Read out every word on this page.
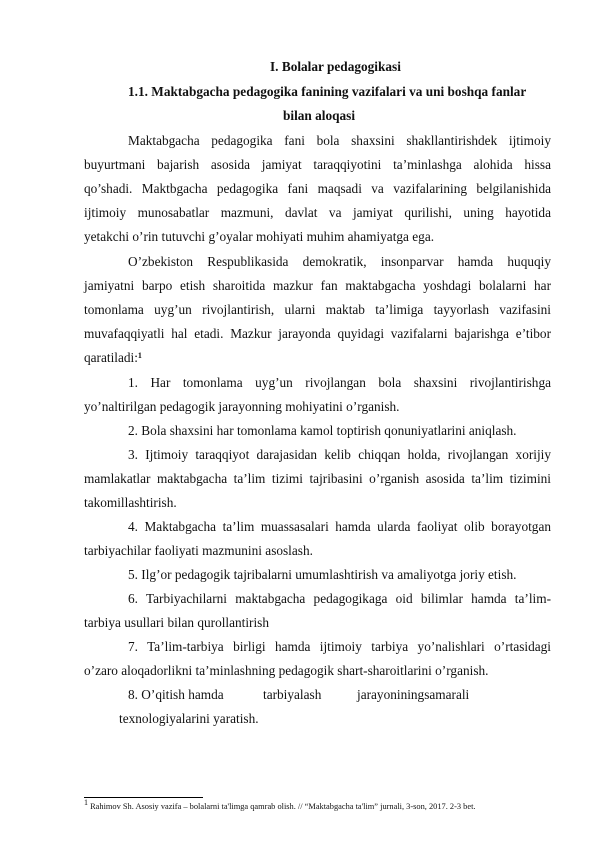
I. Bolalar pedagogikasi
1.1. Maktabgacha pedagogika fanining vazifalari va uni boshqa fanlar
bilan aloqasi
Maktabgacha pedagogika fani bola shaxsini shakllantirishdek ijtimoiy
buyurtmani bajarish asosida jamiyat taraqqiyotini ta’minlashga alohida hissa
qo’shadi. Maktbgacha pedagogika fani maqsadi va vazifalarining belgilanishida
ijtimoiy munosabatlar mazmuni, davlat va jamiyat qurilishi, uning hayotida
yetakchi o’rin tutuvchi g’oyalar mohiyati muhim ahamiyatga ega.
O’zbekiston Respublikasida demokratik, insonparvar hamda huquqiy
jamiyatni barpo etish sharoitida mazkur fan maktabgacha yoshdagi bolalarni har
tomonlama uyg’un rivojlantirish, ularni maktab ta’limiga tayyorlash vazifasini
muvafaqqiyatli hal etadi. Mazkur jarayonda quyidagi vazifalarni bajarishga e’tibor
qaratiladi:$^1$
1. Har tomonlama uyg’un rivojlangan bola shaxsini rivojlantirishga
yo’naltirilgan pedagogik jarayonning mohiyatini o’rganish.
2. Bola shaxsini har tomonlama kamol toptirish qonuniyatlarini aniqlash.
3. Ijtimoiy taraqqiyot darajasidan kelib chiqqan holda, rivojlangan xorijiy
mamlakatlar maktabgacha ta’lim tizimi tajribasini o’rganish asosida ta’lim tizimini
takomillashtirish.
4. Maktabgacha ta’lim muassasalari hamda ularda faoliyat olib borayotgan
tarbiyachilar faoliyati mazmunini asoslash.
5. Ilg’or pedagogik tajribalarni umumlashtirish va amaliyotga joriy etish.
6. Tarbiyachilarni maktabgacha pedagogikaga oid bilimlar hamda ta’lim-
tarbiya usullari bilan qurollantirish
7. Ta’lim-tarbiya birligi hamda ijtimoiy tarbiya yo’nalishlari o’rtasidagi
o’zaro aloqadorlikni ta’minlashning pedagogik shart-sharoitlarini o’rganish.
8. O’qitish hamda	tarbiyalash	jarayoniningsamarali
texnologiyalarini yaratish.
$^1$ Rahimov Sh. Asosiy vazifa – bolalarni ta'limga qamrab olish. // “Maktabgacha ta'lim” jurnali, 3-son, 2017. 2-3 bet.
